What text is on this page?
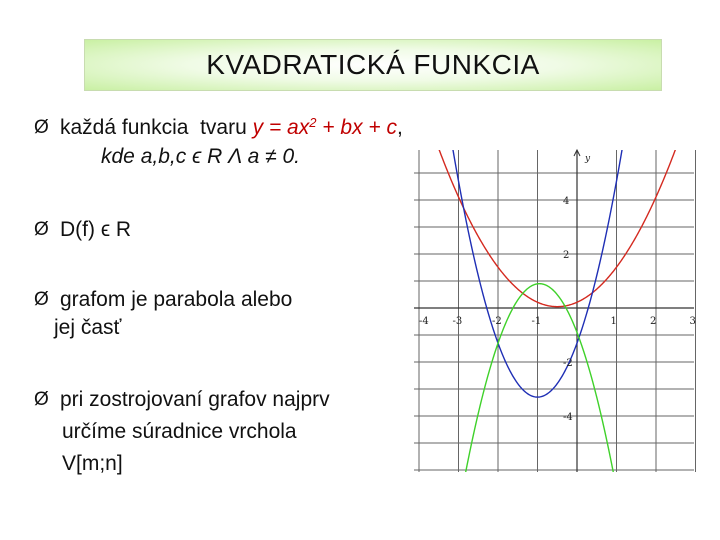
KVADRATICKÁ FUNKCIA
Ø každá funkcia  tvaru $y = ax^2$ + bx + c,
kde a,b,c ϵ R Λ a ≠ 0.
Ø D(f) ϵ R
Ø grafom je parabola alebo
jej časť
Ø pri zostrojovaní grafov najprv
určíme súradnice vrchola
V[m;n]
-4 -3	-2	-1	1	2	3
4
2
-2
-4
y
